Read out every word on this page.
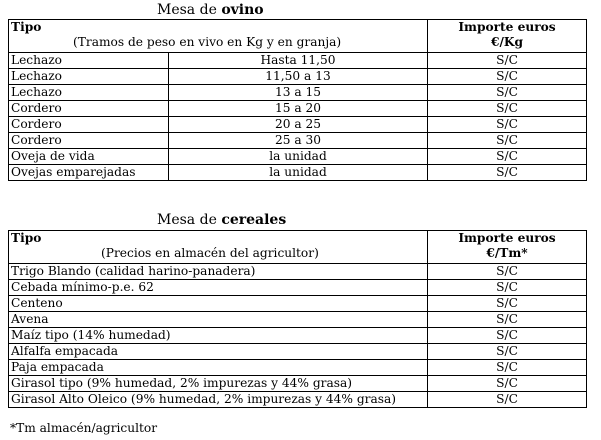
Mesa de ovino
Tipo
(Tramos de peso en vivo en Kg y en granja)		Importe euros
€/Kg

Lechazo	Hasta 11,50	S/C
Lechazo	11,50 a 13	S/C
Lechazo	13 a 15	S/C
Cordero	15 a 20	S/C
Cordero	20 a 25	S/C
Cordero	25 a 30	S/C
Oveja de vida	la unidad	S/C
Ovejas emparejadas	la unidad	S/C
Mesa de cereales
Tipo
(Precios en almacén del agricultor)	Importe euros
€/Tm*

Trigo Blando (calidad harino-panadera)	S/C
Cebada mínimo-p.e. 62	S/C
Centeno	S/C
Avena	S/C
Maíz tipo (14% humedad)	S/C
Alfalfa empacada	S/C
Paja empacada	S/C
Girasol tipo (9% humedad, 2% impurezas y 44% grasa)	S/C
Girasol Alto Oleico (9% humedad, 2% impurezas y 44% grasa)	S/C
*Tm almacén/agricultor
